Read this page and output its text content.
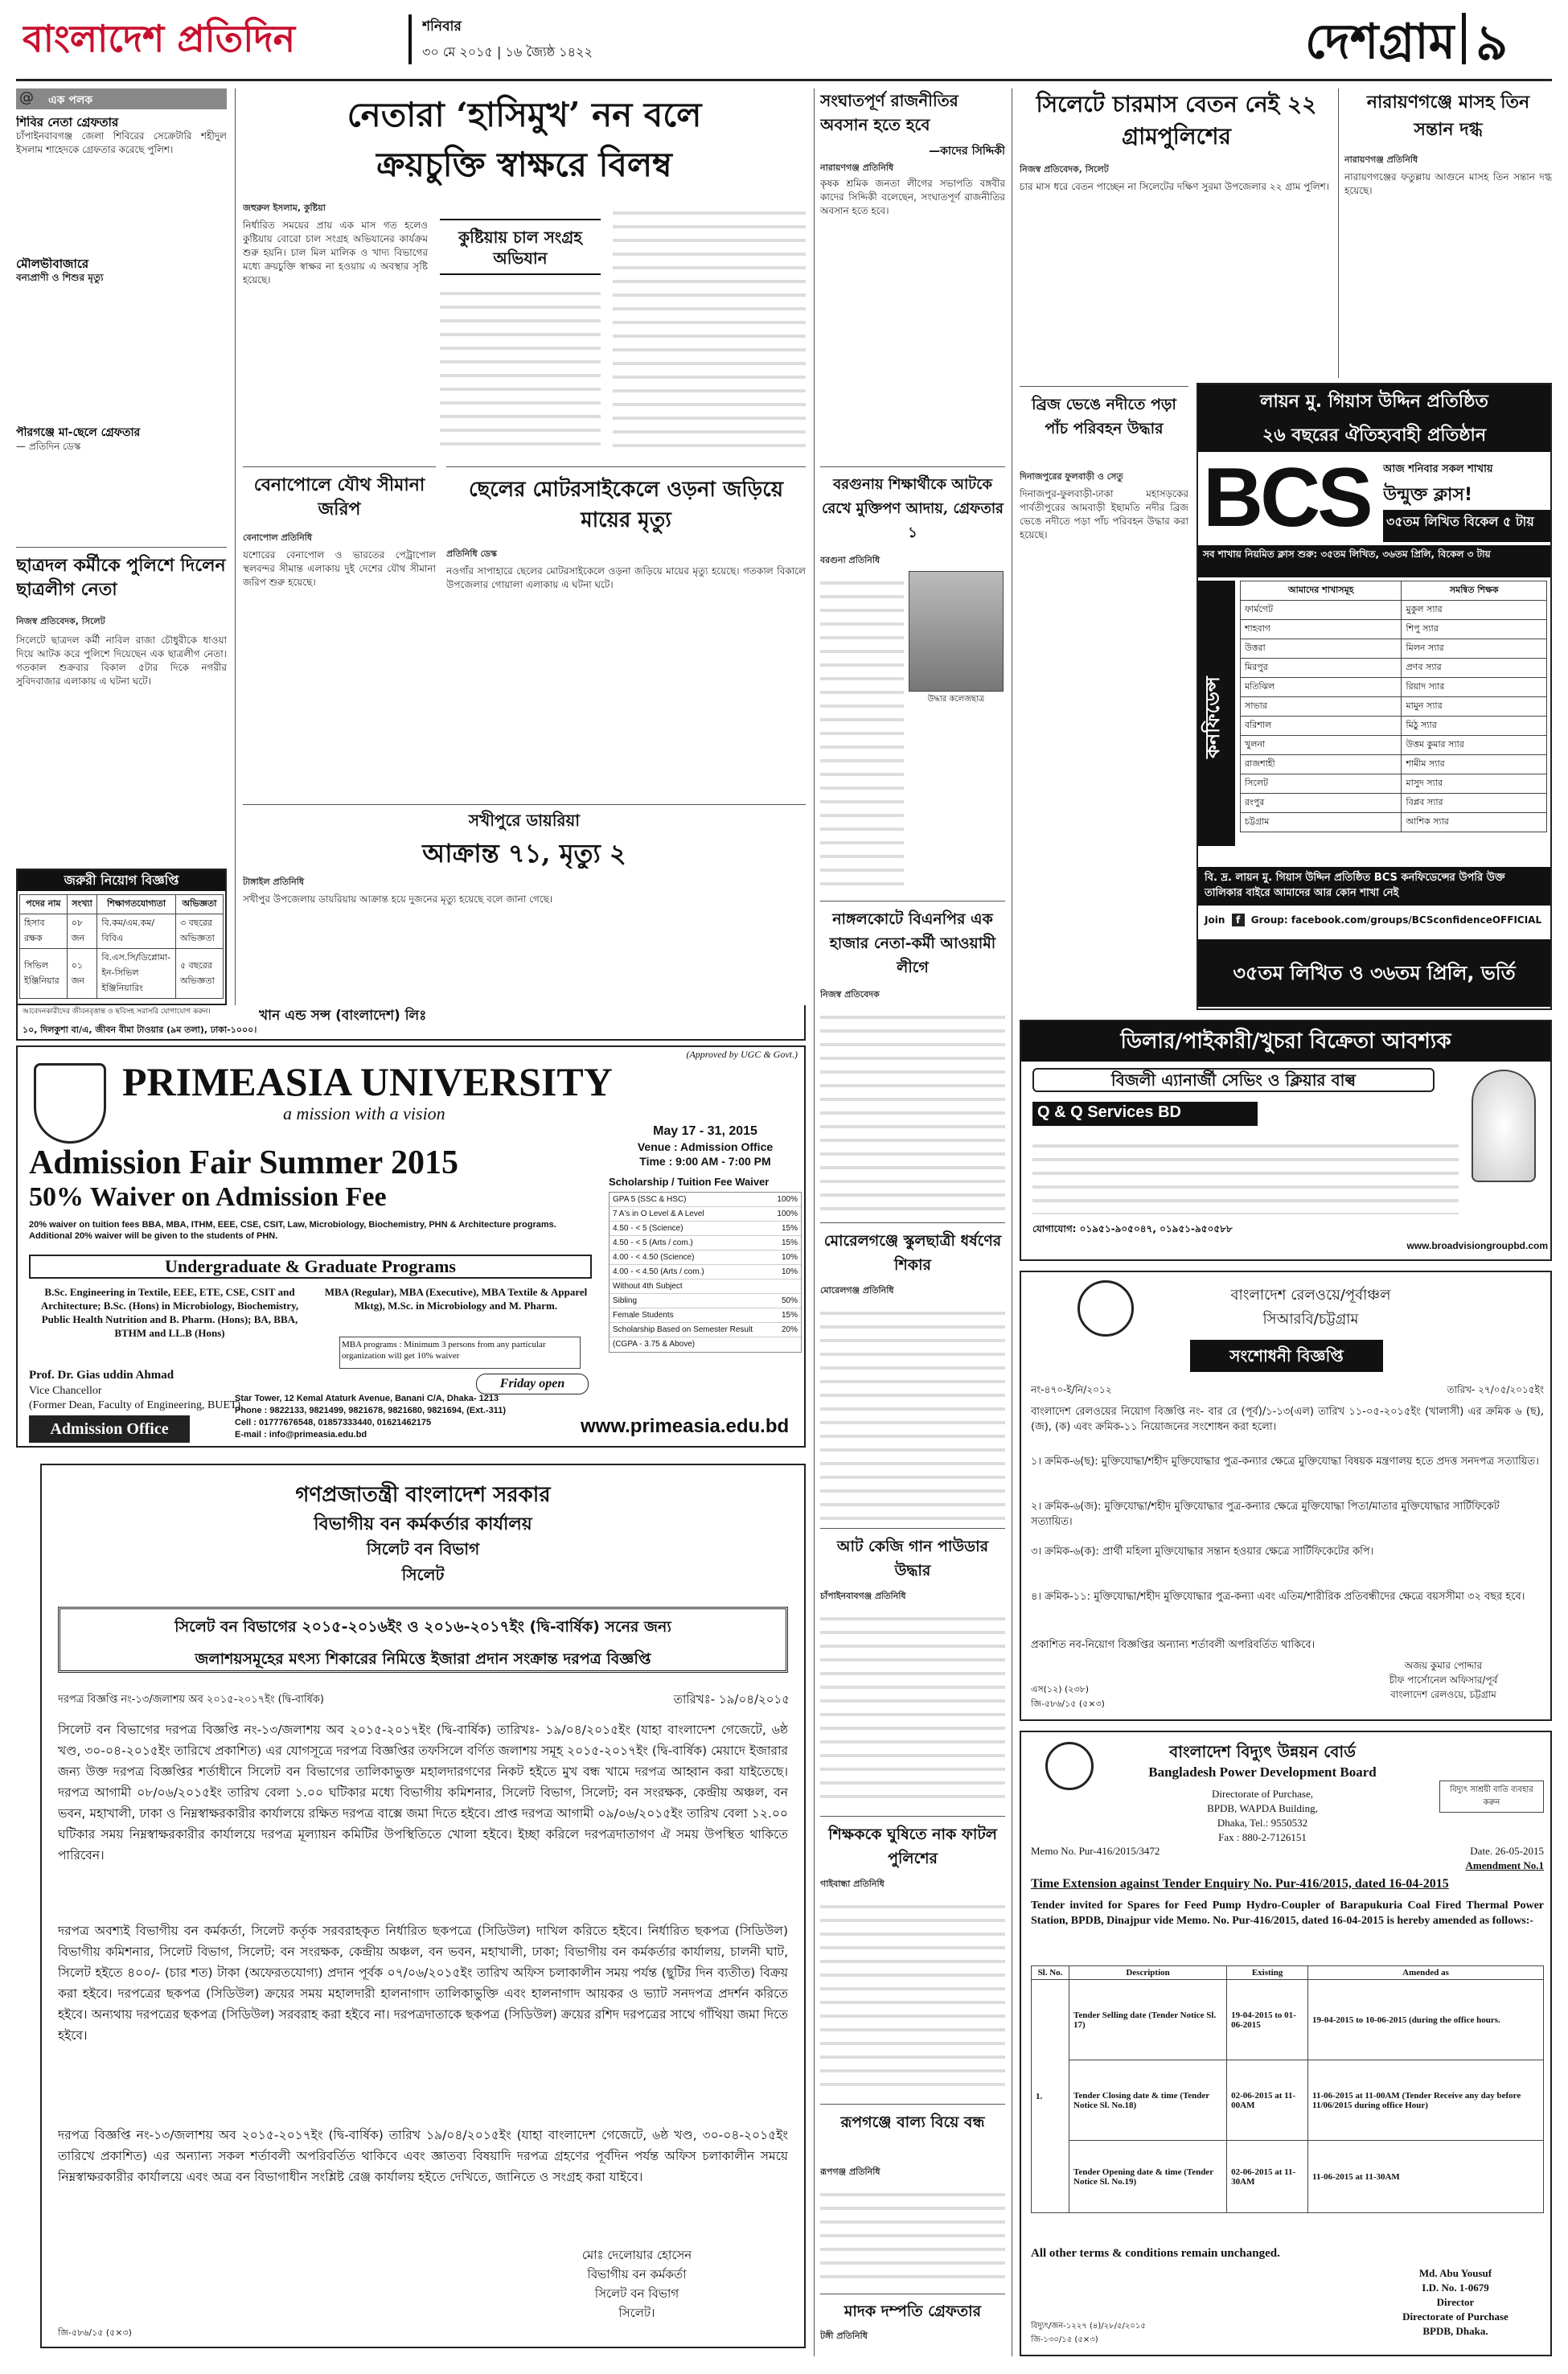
বাংলাদেশ প্রতিদিন	শনিবার
৩০ মে ২০১৫ | ১৬ জ্যৈষ্ঠ ১৪২২	দেশগ্রাম ৯
@ এক পলক
শিবির নেতা গ্রেফতার
চাঁপাইনবাবগঞ্জ জেলা শিবিরের সেক্রেটারি শহীদুল ইসলাম শাহেদকে গ্রেফতার করেছে পুলিশ।
মৌলভীবাজারে
বন্যপ্রাণী ও শিশুর মৃত্যু
পীরগঞ্জে মা-ছেলে গ্রেফতার
— প্রতিদিন ডেস্ক
ছাত্রদল কর্মীকে পুলিশে দিলেন ছাত্রলীগ নেতা
নিজস্ব প্রতিবেদক, সিলেট
সিলেটে ছাত্রদল কর্মী নাবিল রাজা চৌধুরীকে ধাওয়া দিয়ে আটক করে পুলিশে দিয়েছেন এক ছাত্রলীগ নেতা। গতকাল শুক্রবার বিকাল ৫টার দিকে নগরীর সুবিদবাজার এলাকায় এ ঘটনা ঘটে।
নেতারা ‘হাসিমুখ’ নন বলে
ক্রয়চুক্তি স্বাক্ষরে বিলম্ব
জহুরুল ইসলাম, কুষ্টিয়া
নির্ধারিত সময়ের প্রায় এক মাস গত হলেও কুষ্টিয়ায় বোরো চাল সংগ্রহ অভিযানের কার্যক্রম শুরু হয়নি। চাল মিল মালিক ও খাদ্য বিভাগের মধ্যে ক্রয়চুক্তি স্বাক্ষর না হওয়ায় এ অবস্থার সৃষ্টি হয়েছে।
কুষ্টিয়ায় চাল সংগ্রহ অভিযান
বেনাপোলে যৌথ সীমানা জরিপ
বেনাপোল প্রতিনিধি
যশোরের বেনাপোল ও ভারতের পেট্রাপোল স্থলবন্দর সীমান্ত এলাকায় দুই দেশের যৌথ সীমানা জরিপ শুরু হয়েছে।
ছেলের মোটরসাইকেলে ওড়না জড়িয়ে মায়ের মৃত্যু
প্রতিনিধি ডেস্ক
নওগাঁর সাপাহারে ছেলের মোটরসাইকেলে ওড়না জড়িয়ে মায়ের মৃত্যু হয়েছে। গতকাল বিকালে উপজেলার গোয়ালা এলাকায় এ ঘটনা ঘটে।
সখীপুরে ডায়রিয়া
আক্রান্ত ৭১, মৃত্যু ২
টাঙ্গাইল প্রতিনিধি
সখীপুর উপজেলায় ডায়রিয়ায় আক্রান্ত হয়ে দুজনের মৃত্যু হয়েছে বলে জানা গেছে।
জরুরী নিয়োগ বিজ্ঞপ্তি
পদের নাম	সংখ্যা	শিক্ষাগতযোগ্যতা	অভিজ্ঞতা
হিসাব রক্ষক	০৮ জন	বি.কম/এম.কম/বিবিএ	৩ বছরের অভিজ্ঞতা
সিভিল ইঞ্জিনিয়ার	০১ জন	বি.এস.সি/ডিপ্লোমা-ইন-সিভিল ইঞ্জিনিয়ারিং	৫ বছরের অভিজ্ঞতা
আবেদনকারীদের জীবনবৃত্তান্ত ও ছবিসহ সরাসরি যোগাযোগ করুন।	খান এন্ড সন্স (বাংলাদেশ) লিঃ
১০, দিলকুশা বা/এ, জীবন বীমা টাওয়ার (৯ম তলা), ঢাকা-১০০০।
(Approved by UGC & Govt.)
PRIMEASIA UNIVERSITY
a mission with a vision
Admission Fair Summer 2015
50% Waiver on Admission Fee
20% waiver on tuition fees BBA, MBA, ITHM, EEE, CSE, CSIT, Law, Microbiology, Biochemistry, PHN & Architecture programs. Additional 20% waiver will be given to the students of PHN.
Undergraduate & Graduate Programs
B.Sc. Engineering in Textile, EEE, ETE, CSE, CSIT and Architecture; B.Sc. (Hons) in Microbiology, Biochemistry, Public Health Nutrition and B. Pharm. (Hons); BA, BBA, BTHM and LL.B (Hons)
MBA (Regular), MBA (Executive), MBA Textile & Apparel Mktg), M.Sc. in Microbiology and M. Pharm.
MBA programs : Minimum 3 persons from any particular organization will get 10% waiver
Prof. Dr. Gias uddin Ahmad
Vice Chancellor
(Former Dean, Faculty of Engineering, BUET)
Friday open
May 17 - 31, 2015
Venue : Admission Office
Time : 9:00 AM - 7:00 PM
Scholarship / Tuition Fee Waiver
GPA 5 (SSC & HSC)	100%
7 A's in O Level & A Level	100%
4.50 - < 5 (Science)	15%
4.50 - < 5 (Arts / com.)	15%
4.00 - < 4.50 (Science)	10%
4.00 - < 4.50 (Arts / com.)	10%
Without 4th Subject
Sibling	50%
Female Students	15%
Scholarship Based on Semester Result	20%
(CGPA - 3.75 & Above)
Admission Office
Star Tower, 12 Kemal Ataturk Avenue, Banani C/A, Dhaka- 1213
Phone : 9822133, 9821499, 9821678, 9821680, 9821694, (Ext.-311)
Cell : 01777676548, 01857333440, 01621462175
E-mail : info@primeasia.edu.bd	www.primeasia.edu.bd
গণপ্রজাতন্ত্রী বাংলাদেশ সরকার
বিভাগীয় বন কর্মকর্তার কার্যালয়
সিলেট বন বিভাগ
সিলেট
সিলেট বন বিভাগের ২০১৫-২০১৬ইং ও ২০১৬-২০১৭ইং (দ্বি-বার্ষিক) সনের জন্য
জলাশয়সমূহের মৎস্য শিকারের নিমিত্তে ইজারা প্রদান সংক্রান্ত দরপত্র বিজ্ঞপ্তি
দরপত্র বিজ্ঞপ্তি নং-১৩/জলাশয় অব ২০১৫-২০১৭ইং (দ্বি-বার্ষিক)	তারিখঃ- ১৯/০৪/২০১৫
সিলেট বন বিভাগের দরপত্র বিজ্ঞপ্তি নং-১৩/জলাশয় অব ২০১৫-২০১৭ইং (দ্বি-বার্ষিক) তারিখঃ- ১৯/০৪/২০১৫ইং (যাহা বাংলাদেশ গেজেটে, ৬ষ্ঠ খণ্ড, ৩০-০৪-২০১৫ইং তারিখে প্রকাশিত) এর যোগসূত্রে দরপত্র বিজ্ঞপ্তির তফসিলে বর্ণিত জলাশয় সমূহ ২০১৫-২০১৭ইং (দ্বি-বার্ষিক) মেয়াদে ইজারার জন্য উক্ত দরপত্র বিজ্ঞপ্তির শর্তাধীনে সিলেট বন বিভাগের তালিকাভুক্ত মহালদারগণের নিকট হইতে মুখ বন্ধ খামে দরপত্র আহ্বান করা যাইতেছে। দরপত্র আগামী ০৮/০৬/২০১৫ইং তারিখ বেলা ১.০০ ঘটিকার মধ্যে বিভাগীয় কমিশনার, সিলেট বিভাগ, সিলেট; বন সংরক্ষক, কেন্দ্রীয় অঞ্চল, বন ভবন, মহাখালী, ঢাকা ও নিম্নস্বাক্ষরকারীর কার্যালয়ে রক্ষিত দরপত্র বাক্সে জমা দিতে হইবে। প্রাপ্ত দরপত্র আগামী ০৯/০৬/২০১৫ইং তারিখ বেলা ১২.০০ ঘটিকার সময় নিম্নস্বাক্ষরকারীর কার্যালয়ে দরপত্র মূল্যায়ন কমিটির উপস্থিতিতে খোলা হইবে। ইচ্ছা করিলে দরপত্রদাতাগণ ঐ সময় উপস্থিত থাকিতে পারিবেন।
দরপত্র অবশ্যই বিভাগীয় বন কর্মকর্তা, সিলেট কর্তৃক সরবরাহকৃত নির্ধারিত ছকপত্রে (সিডিউল) দাখিল করিতে হইবে। নির্ধারিত ছকপত্র (সিডিউল) বিভাগীয় কমিশনার, সিলেট বিভাগ, সিলেট; বন সংরক্ষক, কেন্দ্রীয় অঞ্চল, বন ভবন, মহাখালী, ঢাকা; বিভাগীয় বন কর্মকর্তার কার্যালয়, চালনী ঘাট, সিলেট হইতে ৪০০/- (চার শত) টাকা (অফেরতযোগ্য) প্রদান পূর্বক ০৭/০৬/২০১৫ইং তারিখ অফিস চলাকালীন সময় পর্যন্ত (ছুটির দিন ব্যতীত) বিক্রয় করা হইবে। দরপত্রের ছকপত্র (সিডিউল) ক্রয়ের সময় মহালদারী হালনাগাদ তালিকাভুক্তি এবং হালনাগাদ আয়কর ও ভ্যাট সনদপত্র প্রদর্শন করিতে হইবে। অন্যথায় দরপত্রের ছকপত্র (সিডিউল) সরবরাহ করা হইবে না। দরপত্রদাতাকে ছকপত্র (সিডিউল) ক্রয়ের রশিদ দরপত্রের সাথে গাঁথিয়া জমা দিতে হইবে।
দরপত্র বিজ্ঞপ্তি নং-১৩/জলাশয় অব ২০১৫-২০১৭ইং (দ্বি-বার্ষিক) তারিখ ১৯/০৪/২০১৫ইং (যাহা বাংলাদেশ গেজেটে, ৬ষ্ঠ খণ্ড, ৩০-০৪-২০১৫ইং তারিখে প্রকাশিত) এর অন্যান্য সকল শর্তাবলী অপরিবর্তিত থাকিবে এবং জ্ঞাতব্য বিষয়াদি দরপত্র গ্রহণের পূর্বদিন পর্যন্ত অফিস চলাকালীন সময়ে নিম্নস্বাক্ষরকারীর কার্যালয়ে এবং অত্র বন বিভাগাধীন সংশ্লিষ্ট রেঞ্জ কার্যালয় হইতে দেখিতে, জানিতে ও সংগ্রহ করা যাইবে।
মোঃ দেলোয়ার হোসেন
বিভাগীয় বন কর্মকর্তা
সিলেট বন বিভাগ
সিলেট।
জি-৫৮৬/১৫ (৫×৩)
সংঘাতপূর্ণ রাজনীতির অবসান হতে হবে
—কাদের সিদ্দিকী
নারায়ণগঞ্জ প্রতিনিধি
কৃষক শ্রমিক জনতা লীগের সভাপতি বঙ্গবীর কাদের সিদ্দিকী বলেছেন, সংঘাতপূর্ণ রাজনীতির অবসান হতে হবে।
বরগুনায় শিক্ষার্থীকে আটকে রেখে মুক্তিপণ আদায়, গ্রেফতার ১
বরগুনা প্রতিনিধি
উদ্ধার কলেজছাত্র
নাঙ্গলকোটে বিএনপির এক হাজার নেতা-কর্মী আওয়ামী লীগে
নিজস্ব প্রতিবেদক
মোরেলগঞ্জে স্কুলছাত্রী ধর্ষণের শিকার
মোরেলগঞ্জ প্রতিনিধি
আট কেজি গান পাউডার উদ্ধার
চাঁপাইনবাবগঞ্জ প্রতিনিধি
শিক্ষককে ঘুষিতে নাক ফাটল পুলিশের
গাইবান্ধা প্রতিনিধি
রূপগঞ্জে বাল্য বিয়ে বন্ধ
রূপগঞ্জ প্রতিনিধি
মাদক দম্পতি গ্রেফতার
টঙ্গী প্রতিনিধি
সিলেটে চারমাস বেতন নেই ২২ গ্রামপুলিশের
নিজস্ব প্রতিবেদক, সিলেট
চার মাস ধরে বেতন পাচ্ছেন না সিলেটের দক্ষিণ সুরমা উপজেলার ২২ গ্রাম পুলিশ।
নারায়ণগঞ্জে মাসহ তিন সন্তান দগ্ধ
নারায়ণগঞ্জ প্রতিনিধি
নারায়ণগঞ্জের ফতুল্লায় আগুনে মাসহ তিন সন্তান দগ্ধ হয়েছে।
ব্রিজ ভেঙে নদীতে পড়া পাঁচ পরিবহন উদ্ধার
দিনাজপুরের ফুলবাড়ী ও সেতু
দিনাজপুর-ফুলবাড়ী-ঢাকা মহাসড়কের পার্বতীপুরের আমবাড়ী ইছামতি নদীর ব্রিজ ভেঙে নদীতে পড়া পাঁচ পরিবহন উদ্ধার করা হয়েছে।
লায়ন মু. গিয়াস উদ্দিন প্রতিষ্ঠিত
২৬ বছরের ঐতিহ্যবাহী প্রতিষ্ঠান
BCS	আজ শনিবার সকল শাখায়
উন্মুক্ত ক্লাস!
৩৫তম লিখিত বিকেল ৫ টায়
সব শাখায় নিয়মিত ক্লাস শুরু: ৩৫তম লিখিত, ৩৬তম প্রিলি, বিকেল ৩ টায়
কনফিডেন্স
আমাদের শাখাসমূহ	সমন্বিত শিক্ষক
ফার্মগেট	মুকুল স্যার
শাহবাগ	শিপু স্যার
উত্তরা	মিলন স্যার
মিরপুর	প্রণব স্যার
মতিঝিল	রিয়াদ স্যার
সাভার	মামুন স্যার
বরিশাল	মিঠু স্যার
খুলনা	উত্তম কুমার স্যার
রাজশাহী	শামীম স্যার
সিলেট	মাসুদ স্যার
রংপুর	বিপ্লব স্যার
চট্টগ্রাম	আশিক স্যার
বি. দ্র. লায়ন মু. গিয়াস উদ্দিন প্রতিষ্ঠিত BCS কনফিডেন্সের উপরি উক্ত তালিকার বাইরে আমাদের আর কোন শাখা নেই
Join f Group: facebook.com/groups/BCSconfidenceOFFICIAL
৩৫তম লিখিত ও ৩৬তম প্রিলি, ভর্তি
ডিলার/পাইকারী/খুচরা বিক্রেতা আবশ্যক
বিজলী এ্যানার্জী সেভিং ও ক্লিয়ার বাল্ব
Q & Q Services BD
যোগাযোগ: ০১৯৫১-৯০৫০৪৭, ০১৯৫১-৯৫০৫৮৮
www.broadvisiongroupbd.com
বাংলাদেশ রেলওয়ে/পূর্বাঞ্চল
সিআরবি/চট্টগ্রাম
সংশোধনী বিজ্ঞপ্তি
নং-৪৭০-ই/নি/২০১২	তারিখ- ২৭/০৫/২০১৫ইং
বাংলাদেশ রেলওয়ের নিয়োগ বিজ্ঞপ্তি নং- বার রে (পূর্ব)/১-১৩(এল) তারিখ ১১-০৫-২০১৫ইং (খালাসী) এর ক্রমিক ৬ (ছ), (জ), (ক) এবং ক্রমিক-১১ নিয়োজনের সংশোধন করা হলো।
১। ক্রমিক-৬(ছ): মুক্তিযোদ্ধা/শহীদ মুক্তিযোদ্ধার পুত্র-কন্যার ক্ষেত্রে মুক্তিযোদ্ধা বিষয়ক মন্ত্রণালয় হতে প্রদত্ত সনদপত্র সত্যায়িত।
২। ক্রমিক-৬(জ): মুক্তিযোদ্ধা/শহীদ মুক্তিযোদ্ধার পুত্র-কন্যার ক্ষেত্রে মুক্তিযোদ্ধা পিতা/মাতার মুক্তিযোদ্ধার সার্টিফিকেট সত্যায়িত।
৩। ক্রমিক-৬(ক): প্রার্থী মহিলা মুক্তিযোদ্ধার সন্তান হওয়ার ক্ষেত্রে সার্টিফিকেটের কপি।
৪। ক্রমিক-১১: মুক্তিযোদ্ধা/শহীদ মুক্তিযোদ্ধার পুত্র-কন্যা এবং এতিম/শারীরিক প্রতিবন্ধীদের ক্ষেত্রে বয়সসীমা ৩২ বছর হবে।
প্রকাশিত নব-নিয়োগ বিজ্ঞপ্তির অন্যান্য শর্তাবলী অপরিবর্তিত থাকিবে।
অজয় কুমার পোদ্দার
চীফ পার্সোনেল অফিসার/পূর্ব
বাংলাদেশ রেলওয়ে, চট্টগ্রাম
এস(১২) (২৩৮)
জি-৫৮৬/১৫ (৫×৩)
বাংলাদেশ বিদ্যুৎ উন্নয়ন বোর্ড
Bangladesh Power Development Board
Directorate of Purchase,
BPDB, WAPDA Building,
Dhaka, Tel.: 9550532
Fax : 880-2-7126151
বিদ্যুৎ সাশ্রয়ী বাতি ব্যবহার করুন
Memo No. Pur-416/2015/3472	Date. 26-05-2015
Amendment No.1
Time Extension against Tender Enquiry No. Pur-416/2015, dated 16-04-2015
Tender invited for Spares for Feed Pump Hydro-Coupler of Barapukuria Coal Fired Thermal Power Station, BPDB, Dinajpur vide Memo. No. Pur-416/2015, dated 16-04-2015 is hereby amended as follows:-
Sl. No.	Description	Existing	Amended as
1.	Tender Selling date (Tender Notice Sl. 17)	19-04-2015 to 01-06-2015	19-04-2015 to 10-06-2015 (during the office hours.
	Tender Closing date & time (Tender Notice Sl. No.18)	02-06-2015 at 11-00AM	11-06-2015 at 11-00AM (Tender Receive any day before 11/06/2015 during office Hour)
	Tender Opening date & time (Tender Notice Sl. No.19)	02-06-2015 at 11-30AM	11-06-2015 at 11-30AM
All other terms & conditions remain unchanged.
Md. Abu Yousuf
I.D. No. 1-0679
Director
Directorate of Purchase
BPDB, Dhaka.
বিদ্যুৎ/জন-১২২৭ (৪)/২৮/৫/২০১৫
জি-১৩০/১৫ (৫×৩)
